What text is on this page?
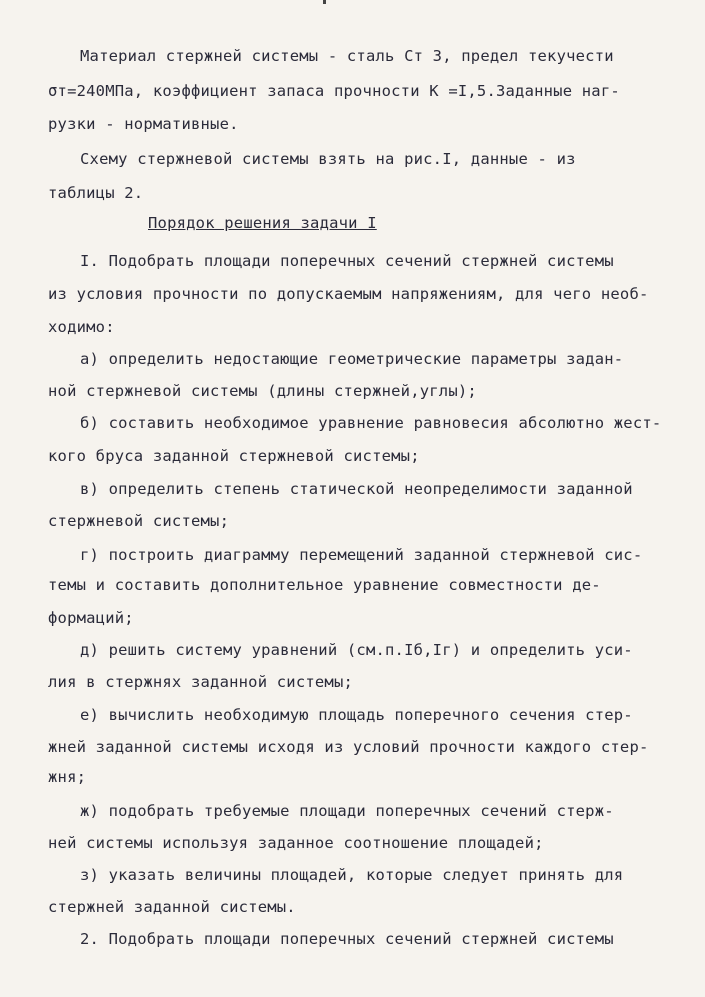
Материал стержней системы - сталь Ст 3, предел текучести
σт=240МПа, коэффициент запаса прочности K =I,5.Заданные наг-
рузки - нормативные.
Схему стержневой системы взять на рис.I, данные - из
таблицы 2.
Порядок решения задачи I
I. Подобрать площади поперечных сечений стержней системы
из условия прочности по допускаемым напряжениям, для чего необ-
ходимо:
а) определить недостающие геометрические параметры задан-
ной стержневой системы (длины стержней,углы);
б) составить необходимое уравнение равновесия абсолютно жест-
кого бруса заданной стержневой системы;
в) определить степень статической неопределимости заданной
стержневой системы;
г) построить диаграмму перемещений заданной стержневой сис-
темы и составить дополнительное уравнение совместности де-
формаций;
д) решить систему уравнений (см.п.Iб,Iг) и определить уси-
лия в стержнях заданной системы;
е) вычислить необходимую площадь поперечного сечения стер-
жней заданной системы исходя из условий прочности каждого стер-
жня;
ж) подобрать требуемые площади поперечных сечений стерж-
ней системы используя заданное соотношение площадей;
з) указать величины площадей, которые следует принять для
стержней заданной системы.
2. Подобрать площади поперечных сечений стержней системы
